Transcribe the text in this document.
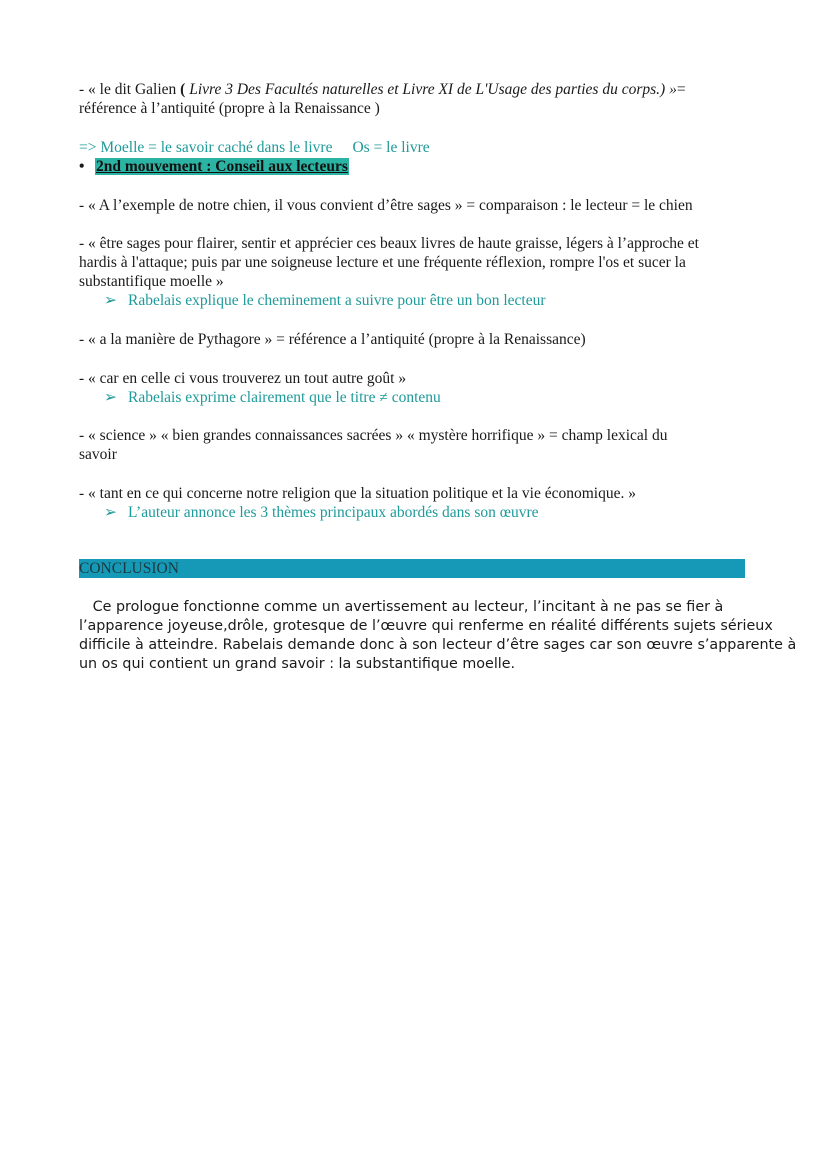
- « le dit Galien ( Livre 3 Des Facultés naturelles et Livre XI de L'Usage des parties du corps.) »=
référence à l’antiquité (propre à la Renaissance )
=> Moelle = le savoir caché dans le livre Os = le livre
• 2nd mouvement : Conseil aux lecteurs
- « A l’exemple de notre chien, il vous convient d’être sages » = comparaison : le lecteur = le chien
- « être sages pour flairer, sentir et apprécier ces beaux livres de haute graisse, légers à l’approche et
hardis à l'attaque; puis par une soigneuse lecture et une fréquente réflexion, rompre l'os et sucer la
substantifique moelle »
➢ Rabelais explique le cheminement a suivre pour être un bon lecteur
- « a la manière de Pythagore » = référence a l’antiquité (propre à la Renaissance)
- « car en celle ci vous trouverez un tout autre goût »
➢ Rabelais exprime clairement que le titre ≠ contenu
- « science » « bien grandes connaissances sacrées » « mystère horrifique » = champ lexical du
savoir
- « tant en ce qui concerne notre religion que la situation politique et la vie économique. »
➢ L’auteur annonce les 3 thèmes principaux abordés dans son œuvre
CONCLUSION
Ce prologue fonctionne comme un avertissement au lecteur, l’incitant à ne pas se fier à
l’apparence joyeuse,drôle, grotesque de l’œuvre qui renferme en réalité différents sujets sérieux
difficile à atteindre. Rabelais demande donc à son lecteur d’être sages car son œuvre s’apparente à
un os qui contient un grand savoir : la substantifique moelle.
